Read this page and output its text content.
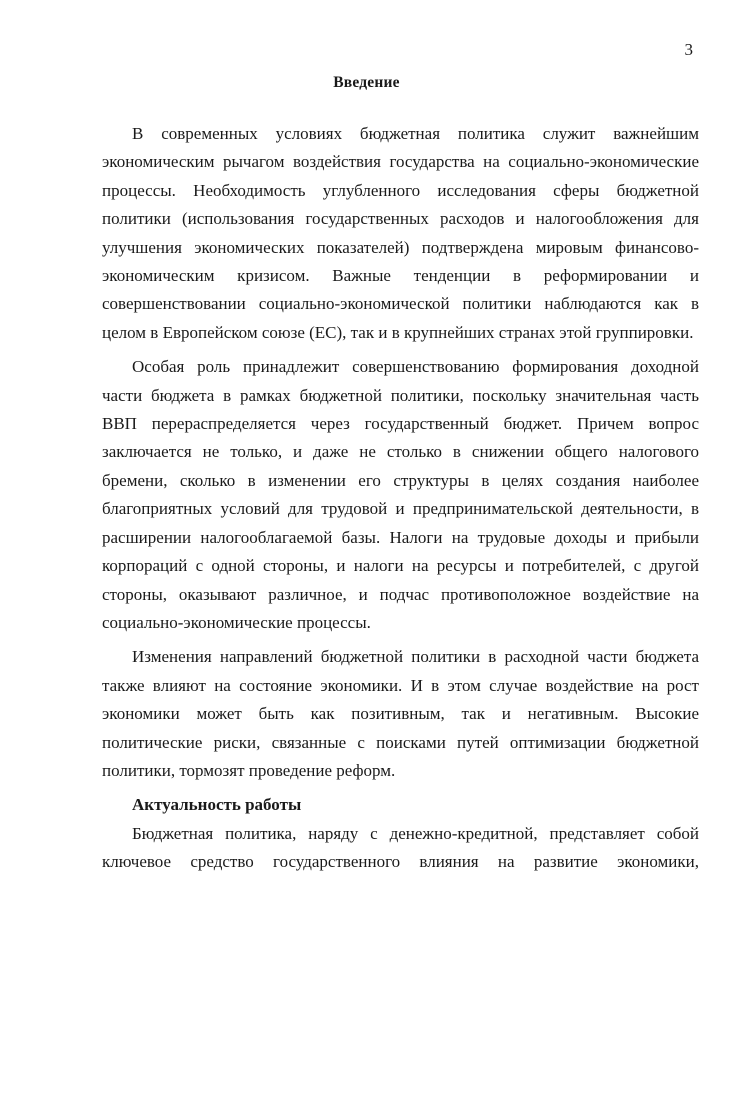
3
Введение

В современных условиях бюджетная политика служит важнейшим экономическим рычагом воздействия государства на социально-экономические процессы. Необходимость углубленного исследования сферы бюджетной политики (использования государственных расходов и налогообложения для улучшения экономических показателей) подтверждена мировым финансово-экономическим кризисом. Важные тенденции в реформировании и совершенствовании социально-экономической политики наблюдаются как в целом в Европейском союзе (ЕС), так и в крупнейших странах этой группировки.

Особая роль принадлежит совершенствованию формирования доходной части бюджета в рамках бюджетной политики, поскольку значительная часть ВВП перераспределяется через государственный бюджет. Причем вопрос заключается не только, и даже не столько в снижении общего налогового бремени, сколько в изменении его структуры в целях создания наиболее благоприятных условий для трудовой и предпринимательской деятельности, в расширении налогооблагаемой базы. Налоги на трудовые доходы и прибыли корпораций с одной стороны, и налоги на ресурсы и потребителей, с другой стороны, оказывают различное, и подчас противоположное воздействие на социально-экономические процессы.

Изменения направлений бюджетной политики в расходной части бюджета также влияют на состояние экономики. И в этом случае воздействие на рост экономики может быть как позитивным, так и негативным. Высокие политические риски, связанные с поисками путей оптимизации бюджетной политики, тормозят проведение реформ.

Актуальность работы

Бюджетная политика, наряду с денежно-кредитной, представляет собой ключевое средство государственного влияния на развитие экономики,
